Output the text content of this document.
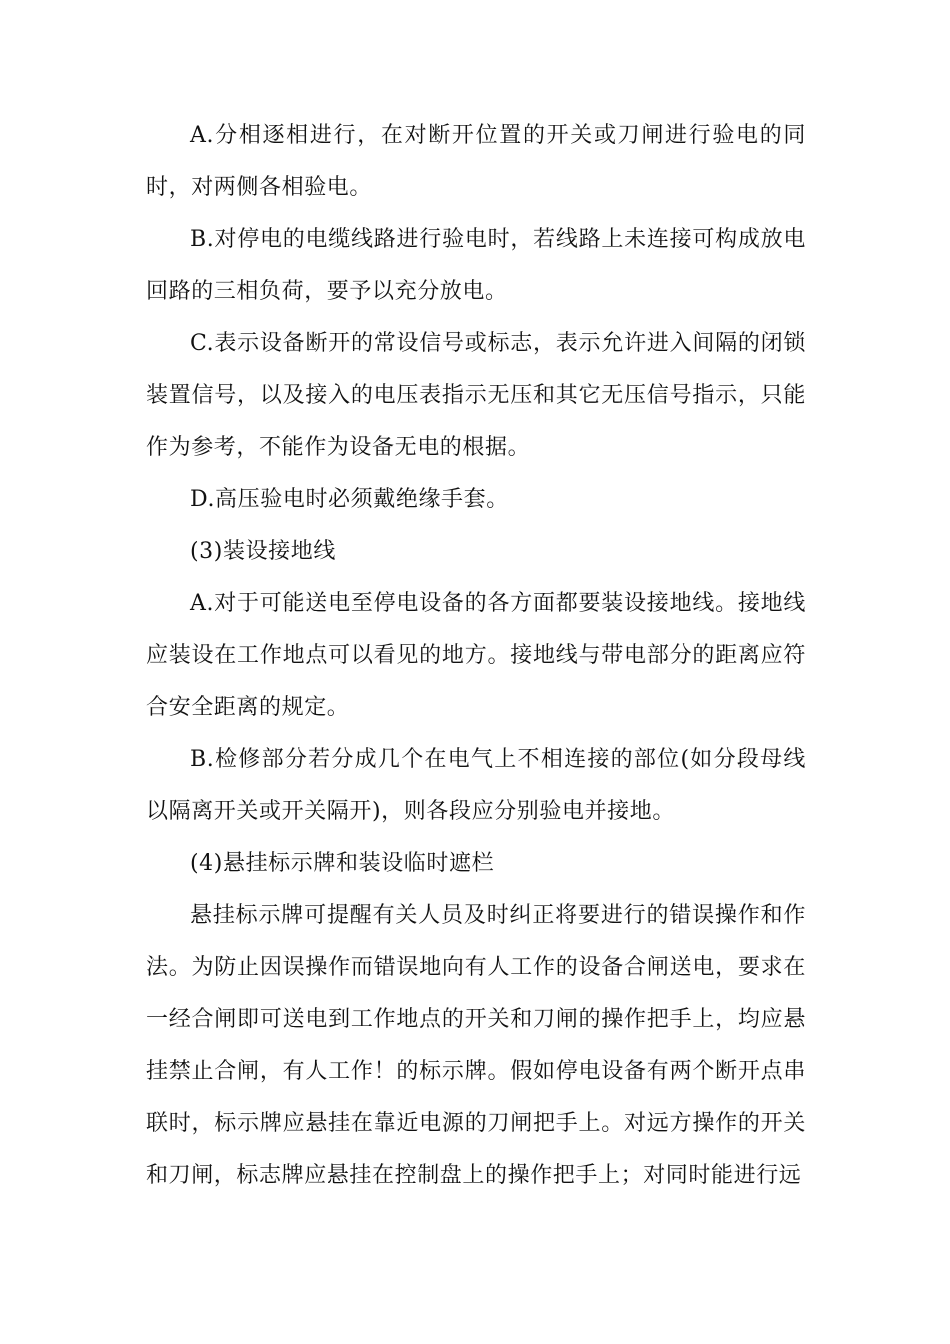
A.分相逐相进行，在对断开位置的开关或刀闸进行验电的同时，对两侧各相验电。

B.对停电的电缆线路进行验电时，若线路上未连接可构成放电回路的三相负荷，要予以充分放电。

C.表示设备断开的常设信号或标志，表示允许进入间隔的闭锁装置信号，以及接入的电压表指示无压和其它无压信号指示，只能作为参考，不能作为设备无电的根据。

D.高压验电时必须戴绝缘手套。

(3)装设接地线

A.对于可能送电至停电设备的各方面都要装设接地线。接地线应装设在工作地点可以看见的地方。接地线与带电部分的距离应符合安全距离的规定。

B.检修部分若分成几个在电气上不相连接的部位(如分段母线以隔离开关或开关隔开)，则各段应分别验电并接地。

(4)悬挂标示牌和装设临时遮栏

悬挂标示牌可提醒有关人员及时纠正将要进行的错误操作和作法。为防止因误操作而错误地向有人工作的设备合闸送电，要求在一经合闸即可送电到工作地点的开关和刀闸的操作把手上，均应悬挂禁止合闸，有人工作！的标示牌。假如停电设备有两个断开点串联时，标示牌应悬挂在靠近电源的刀闸把手上。对远方操作的开关和刀闸，标志牌应悬挂在控制盘上的操作把手上；对同时能进行远
